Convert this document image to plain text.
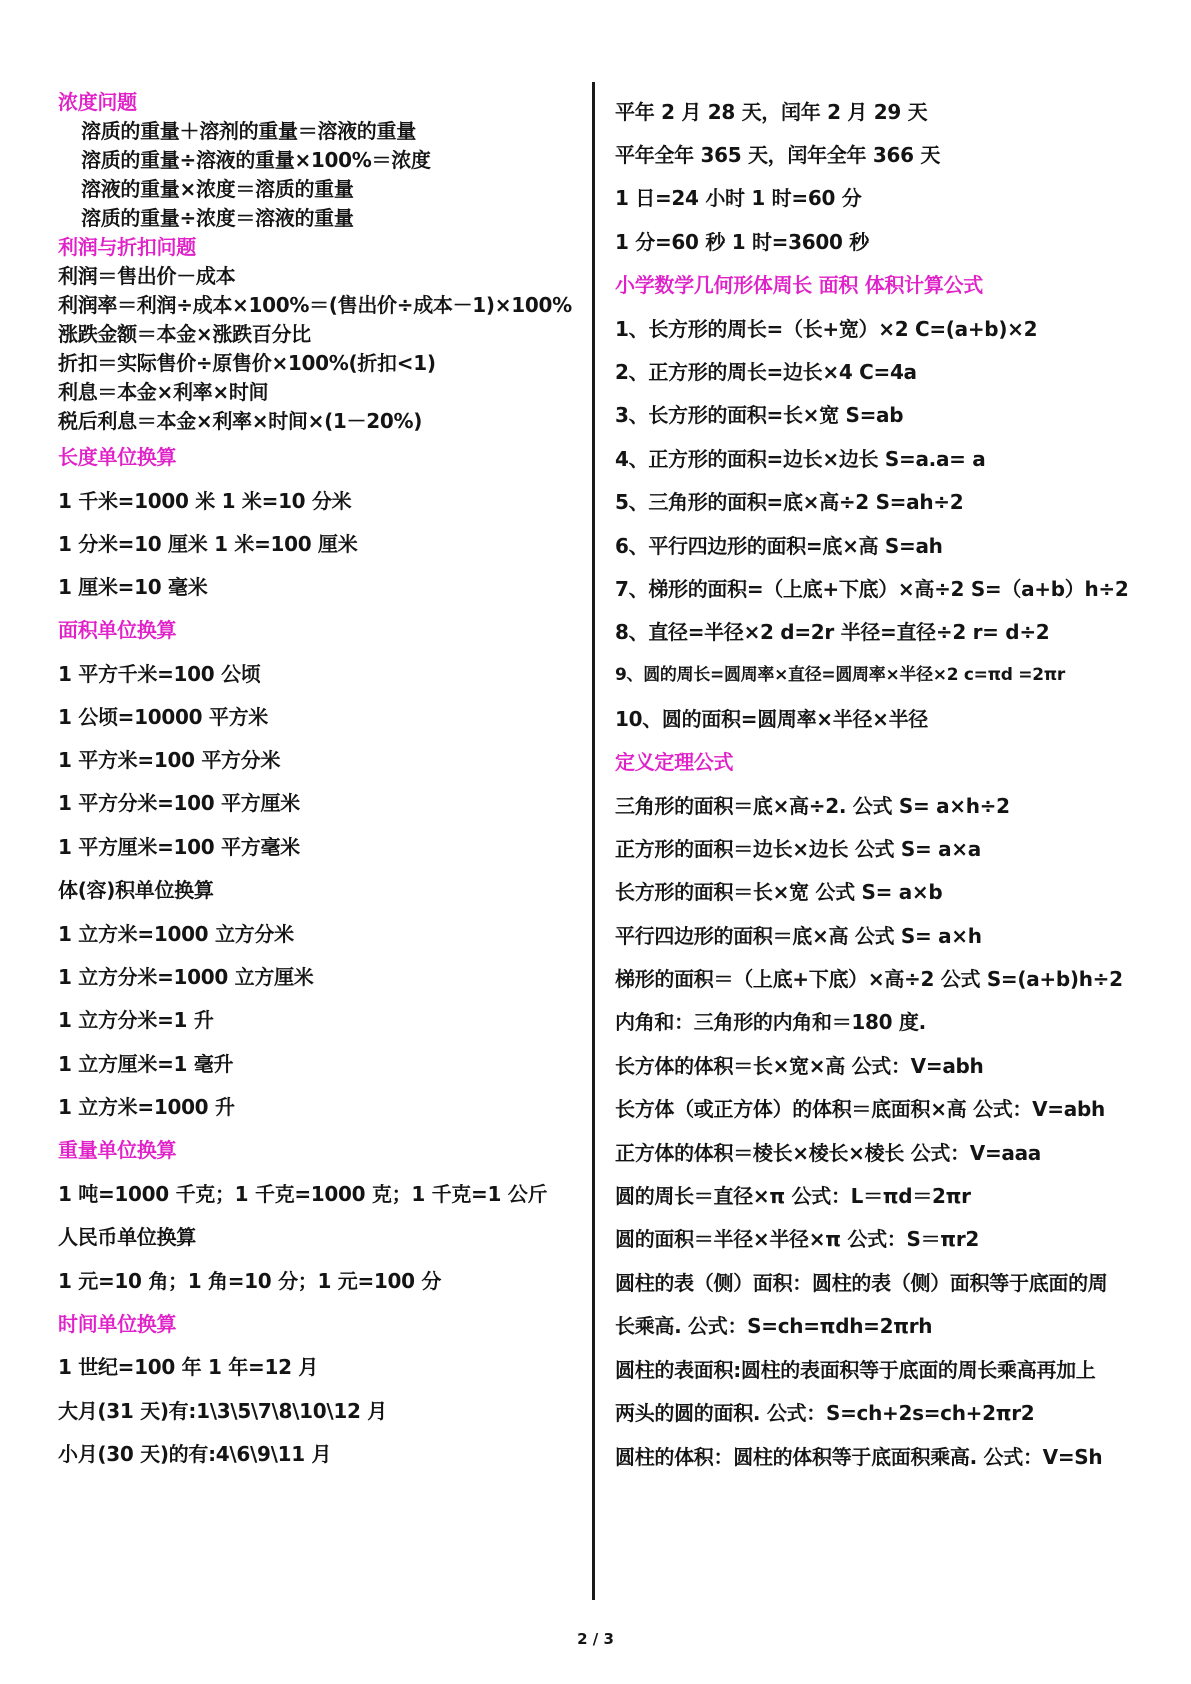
浓度问题
溶质的重量＋溶剂的重量＝溶液的重量
溶质的重量÷溶液的重量×100%＝浓度
溶液的重量×浓度＝溶质的重量
溶质的重量÷浓度＝溶液的重量
利润与折扣问题
利润＝售出价－成本
利润率＝利润÷成本×100%＝(售出价÷成本－1)×100%
涨跌金额＝本金×涨跌百分比
折扣＝实际售价÷原售价×100%(折扣<1)
利息＝本金×利率×时间
税后利息＝本金×利率×时间×(1－20%)
长度单位换算
1 千米=1000 米 1 米=10 分米
1 分米=10 厘米 1 米=100 厘米
1 厘米=10 毫米
面积单位换算
1 平方千米=100 公顷
1 公顷=10000 平方米
1 平方米=100 平方分米
1 平方分米=100 平方厘米
1 平方厘米=100 平方毫米
体(容)积单位换算
1 立方米=1000 立方分米
1 立方分米=1000 立方厘米
1 立方分米=1 升
1 立方厘米=1 毫升
1 立方米=1000 升
重量单位换算
1 吨=1000 千克；1 千克=1000 克；1 千克=1 公斤
人民币单位换算
1 元=10 角；1 角=10 分；1 元=100 分
时间单位换算
1 世纪=100 年 1 年=12 月
大月(31 天)有:1\3\5\7\8\10\12 月
小月(30 天)的有:4\6\9\11 月
平年 2 月 28 天，闰年 2 月 29 天
平年全年 365 天，闰年全年 366 天
1 日=24 小时 1 时=60 分
1 分=60 秒 1 时=3600 秒
小学数学几何形体周长 面积 体积计算公式
1、长方形的周长=（长+宽）×2 C=(a+b)×2
2、正方形的周长=边长×4 C=4a
3、长方形的面积=长×宽 S=ab
4、正方形的面积=边长×边长 S=a.a= a
5、三角形的面积=底×高÷2 S=ah÷2
6、平行四边形的面积=底×高 S=ah
7、梯形的面积=（上底+下底）×高÷2 S=（a+b）h÷2
8、直径=半径×2 d=2r 半径=直径÷2 r= d÷2
9、圆的周长=圆周率×直径=圆周率×半径×2 c=πd =2πr
10、圆的面积=圆周率×半径×半径
定义定理公式
三角形的面积＝底×高÷2. 公式 S= a×h÷2
正方形的面积＝边长×边长 公式 S= a×a
长方形的面积＝长×宽 公式 S= a×b
平行四边形的面积＝底×高 公式 S= a×h
梯形的面积＝（上底+下底）×高÷2 公式 S=(a+b)h÷2
内角和：三角形的内角和＝180 度.
长方体的体积＝长×宽×高 公式：V=abh
长方体（或正方体）的体积＝底面积×高 公式：V=abh
正方体的体积＝棱长×棱长×棱长 公式：V=aaa
圆的周长＝直径×π 公式：L＝πd＝2πr
圆的面积＝半径×半径×π 公式：S＝πr2
圆柱的表（侧）面积：圆柱的表（侧）面积等于底面的周
长乘高. 公式：S=ch=πdh=2πrh
圆柱的表面积:圆柱的表面积等于底面的周长乘高再加上
两头的圆的面积. 公式：S=ch+2s=ch+2πr2
圆柱的体积：圆柱的体积等于底面积乘高. 公式：V=Sh
2 / 3
